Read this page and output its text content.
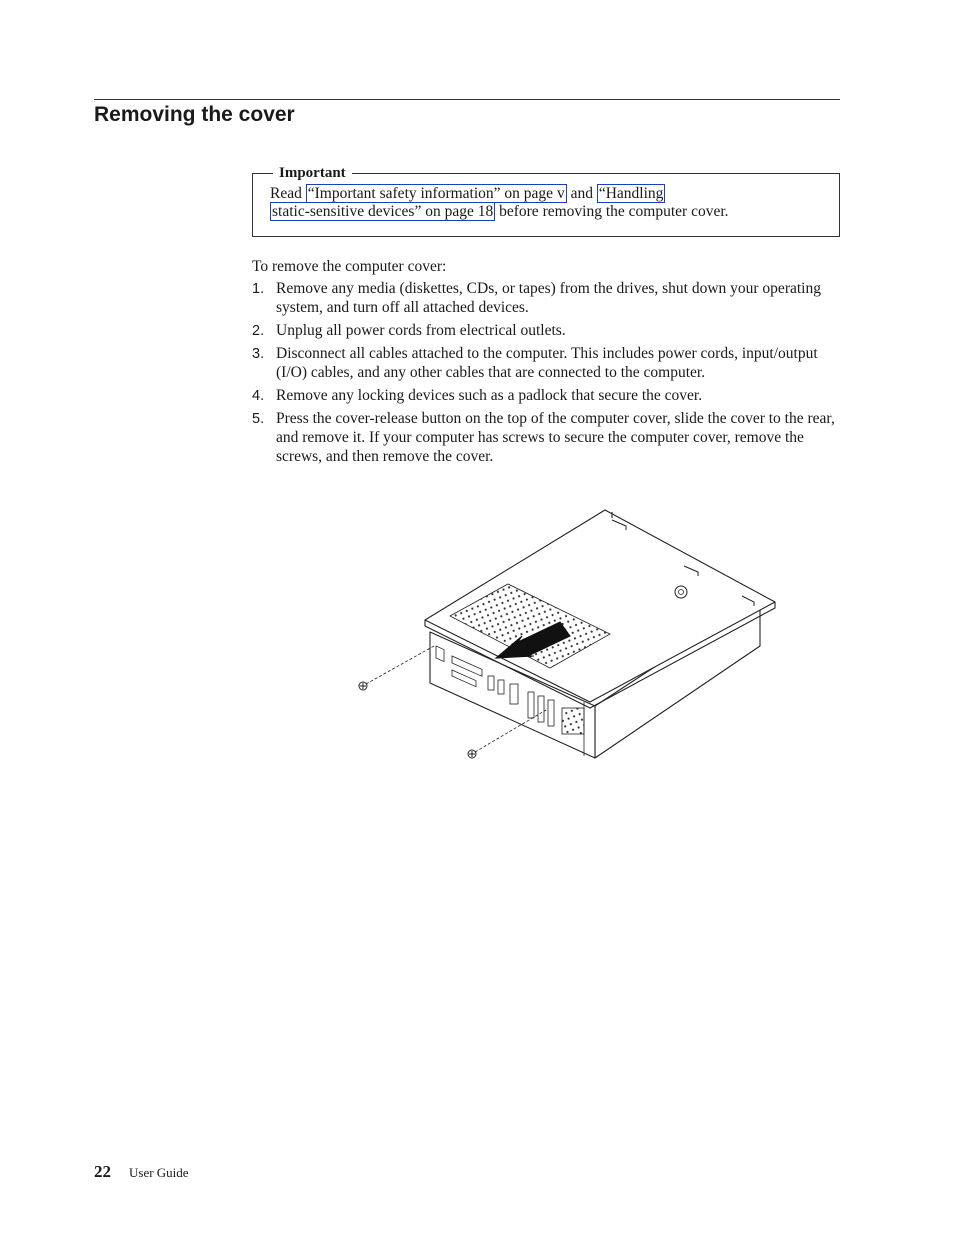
Removing the cover
Important
Read “Important safety information” on page v and “Handling
static-sensitive devices” on page 18 before removing the computer cover.

To remove the computer cover:

1. Remove any media (diskettes, CDs, or tapes) from the drives, shut down your operating system, and turn off all attached devices.
2. Unplug all power cords from electrical outlets.
3. Disconnect all cables attached to the computer. This includes power cords, input/output (I/O) cables, and any other cables that are connected to the computer.
4. Remove any locking devices such as a padlock that secure the cover.
5. Press the cover-release button on the top of the computer cover, slide the cover to the rear, and remove it. If your computer has screws to secure the computer cover, remove the screws, and then remove the cover.
22 User Guide
